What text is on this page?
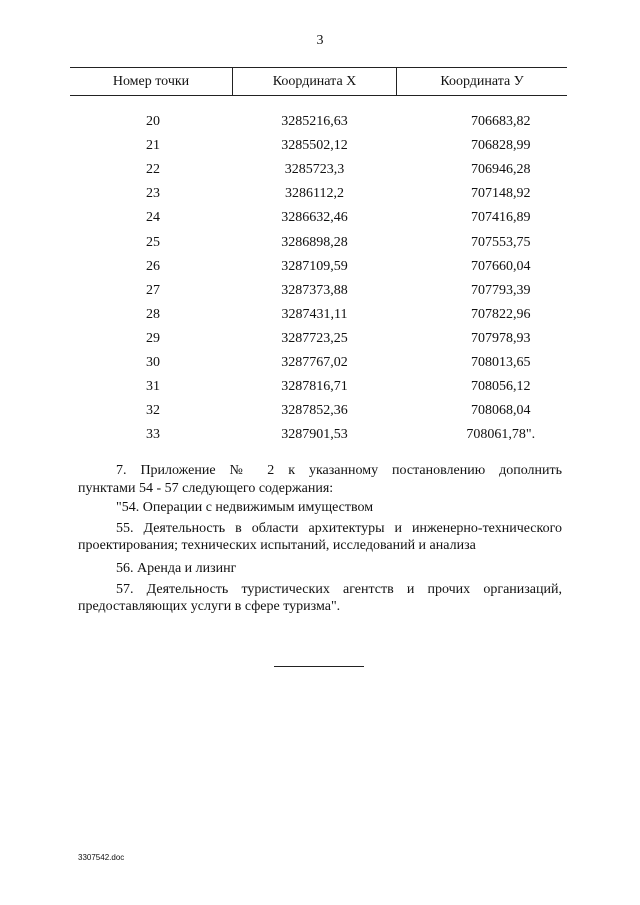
3
Номер точки	Координата X	Координата У

20	3285216,63	706683,82
21	3285502,12	706828,99
22	3285723,3	706946,28
23	3286112,2	707148,92
24	3286632,46	707416,89
25	3286898,28	707553,75
26	3287109,59	707660,04
27	3287373,88	707793,39
28	3287431,11	707822,96
29	3287723,25	707978,93
30	3287767,02	708013,65
31	3287816,71	708056,12
32	3287852,36	708068,04
33	3287901,53	708061,78".

7. Приложение № 2 к указанному постановлению дополнить

пунктами 54 - 57 следующего содержания:

"54. Операции с недвижимым имуществом

55. Деятельность в области архитектуры и инженерно-технического проектирования; технических испытаний, исследований и анализа

56. Аренда и лизинг

57. Деятельность туристических агентств и прочих организаций, предоставляющих услуги в сфере туризма".

3307542.doc
